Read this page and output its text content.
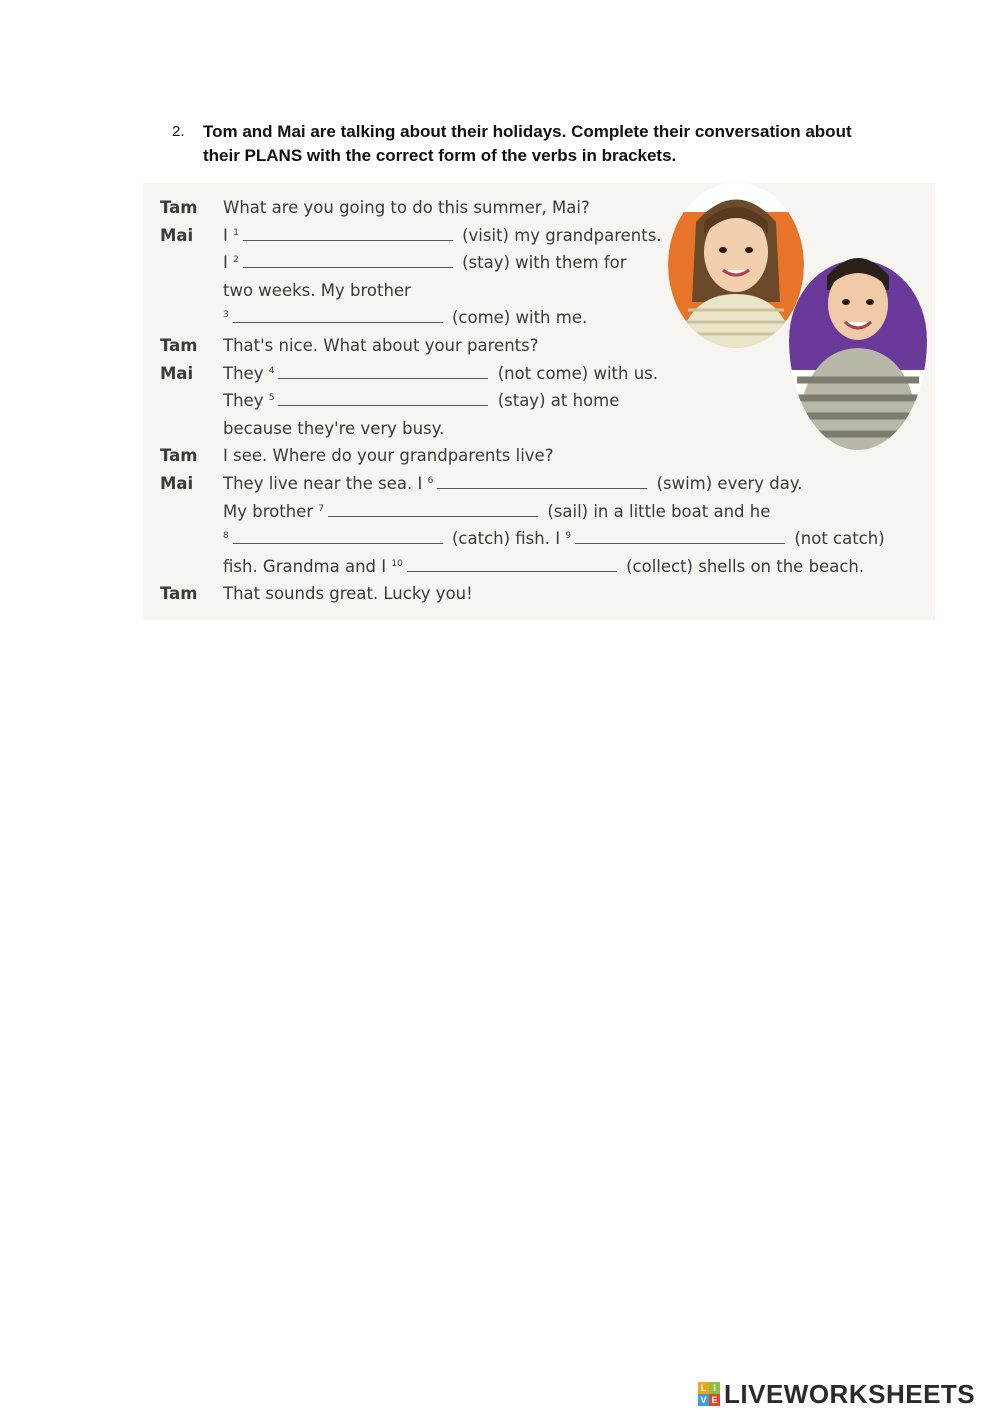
2. Tom and Mai are talking about their holidays. Complete their conversation about their PLANS with the correct form of the verbs in brackets.
Tam	What are you going to do this summer, Mai?
Mai	I $^1$	(visit) my grandparents.
I $^2$	(stay) with them for
two weeks. My brother
$^3$	(come) with me.
Tam	That's nice. What about your parents?
Mai	They $^4$	(not come) with us.
They $^5$	(stay) at home
because they're very busy.
Tam	I see. Where do your grandparents live?
Mai	They live near the sea. I $^6$	(swim) every day.
My brother $^7$	(sail) in a little boat and he
$^8$	(catch) fish. I $^9$	(not catch)
fish. Grandma and I $^{10}$	(collect) shells on the beach.
Tam	That sounds great. Lucky you!
L I
V E LIVEWORKSHEETS
